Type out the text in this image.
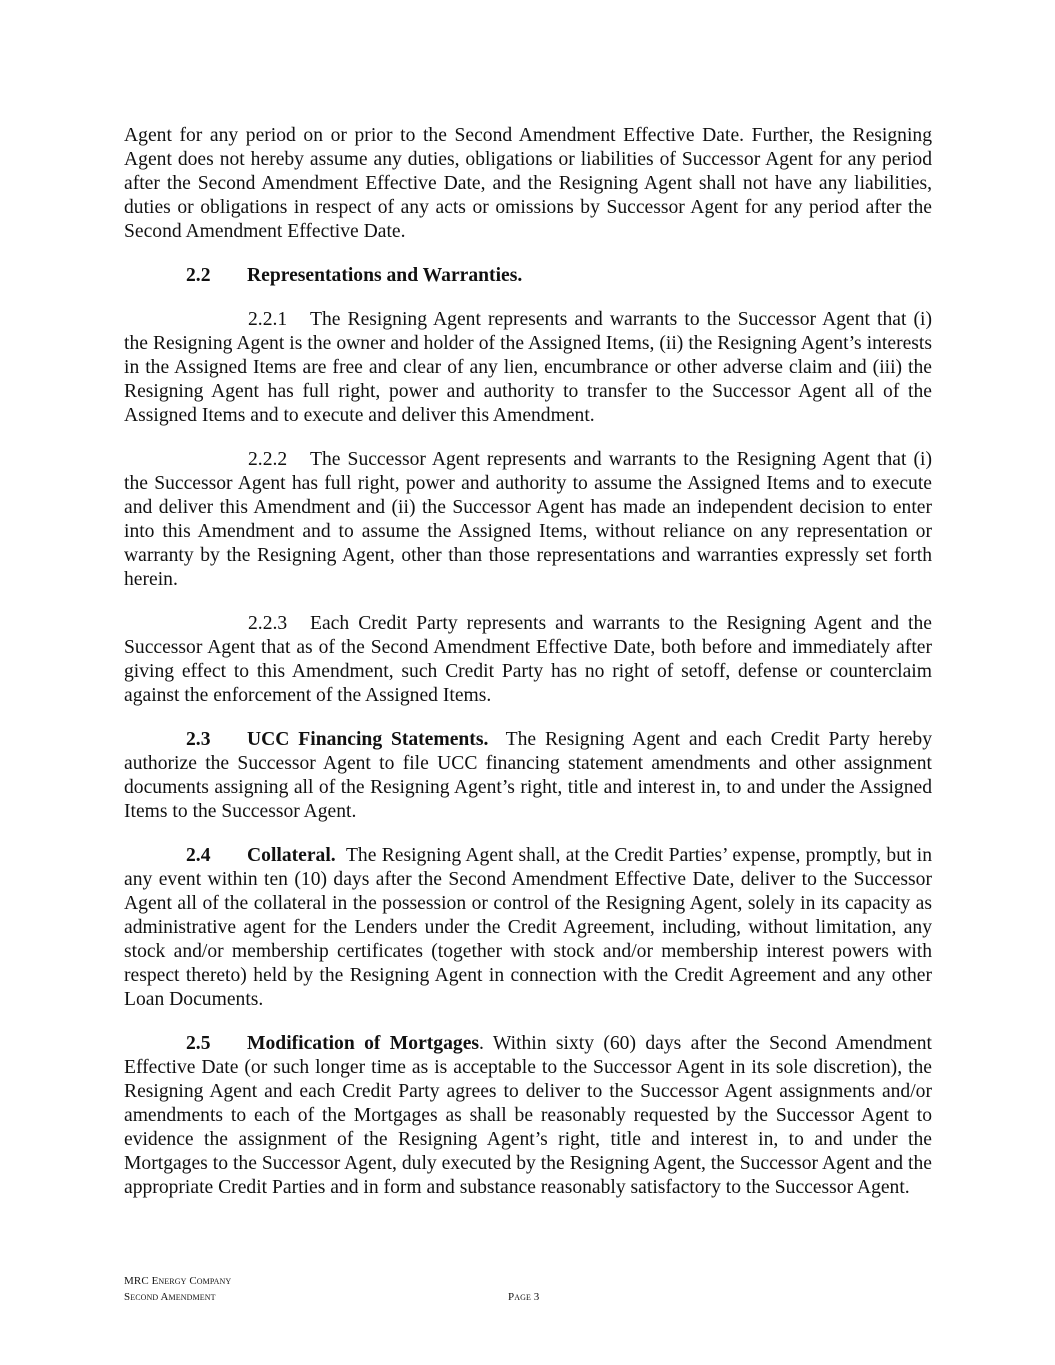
Agent for any period on or prior to the Second Amendment Effective Date. Further, the Resigning Agent does not hereby assume any duties, obligations or liabilities of Successor Agent for any period after the Second Amendment Effective Date, and the Resigning Agent shall not have any liabilities, duties or obligations in respect of any acts or omissions by Successor Agent for any period after the Second Amendment Effective Date.

2.2 Representations and Warranties.

2.2.1 The Resigning Agent represents and warrants to the Successor Agent that (i) the Resigning Agent is the owner and holder of the Assigned Items, (ii) the Resigning Agent’s interests in the Assigned Items are free and clear of any lien, encumbrance or other adverse claim and (iii) the Resigning Agent has full right, power and authority to transfer to the Successor Agent all of the Assigned Items and to execute and deliver this Amendment.

2.2.2 The Successor Agent represents and warrants to the Resigning Agent that (i) the Successor Agent has full right, power and authority to assume the Assigned Items and to execute and deliver this Amendment and (ii) the Successor Agent has made an independent decision to enter into this Amendment and to assume the Assigned Items, without reliance on any representation or warranty by the Resigning Agent, other than those representations and warranties expressly set forth herein.

2.2.3 Each Credit Party represents and warrants to the Resigning Agent and the Successor Agent that as of the Second Amendment Effective Date, both before and immediately after giving effect to this Amendment, such Credit Party has no right of setoff, defense or counterclaim against the enforcement of the Assigned Items.

2.3 UCC Financing Statements. The Resigning Agent and each Credit Party hereby authorize the Successor Agent to file UCC financing statement amendments and other assignment documents assigning all of the Resigning Agent’s right, title and interest in, to and under the Assigned Items to the Successor Agent.

2.4 Collateral. The Resigning Agent shall, at the Credit Parties’ expense, promptly, but in any event within ten (10) days after the Second Amendment Effective Date, deliver to the Successor Agent all of the collateral in the possession or control of the Resigning Agent, solely in its capacity as administrative agent for the Lenders under the Credit Agreement, including, without limitation, any stock and/or membership certificates (together with stock and/or membership interest powers with respect thereto) held by the Resigning Agent in connection with the Credit Agreement and any other Loan Documents.

2.5 Modification of Mortgages. Within sixty (60) days after the Second Amendment Effective Date (or such longer time as is acceptable to the Successor Agent in its sole discretion), the Resigning Agent and each Credit Party agrees to deliver to the Successor Agent assignments and/or amendments to each of the Mortgages as shall be reasonably requested by the Successor Agent to evidence the assignment of the Resigning Agent’s right, title and interest in, to and under the Mortgages to the Successor Agent, duly executed by the Resigning Agent, the Successor Agent and the appropriate Credit Parties and in form and substance reasonably satisfactory to the Successor Agent.

MRC Energy Company
Second Amendment	Page 3
